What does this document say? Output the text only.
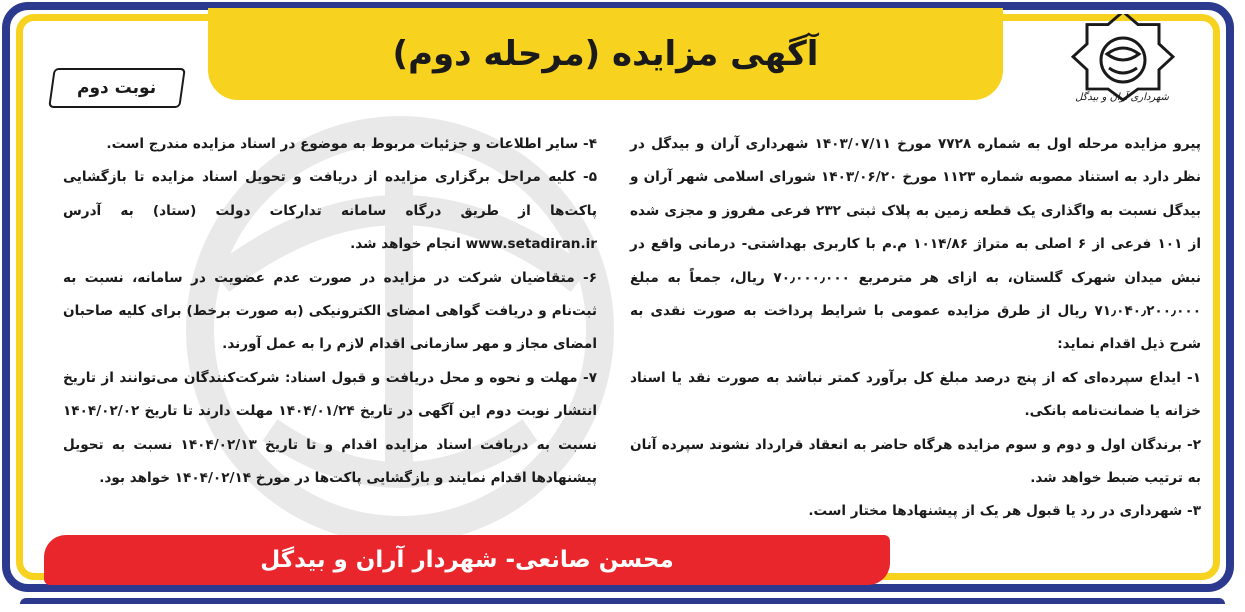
آگهی مزایده (مرحله دوم)
نوبت دوم	شهرداری آران و بیدگل

پیرو مزایده مرحله اول به شماره ۷۷۲۸ مورخ ۱۴۰۳/۰۷/۱۱ شهرداری آران و بیدگل در نظر دارد به استناد مصوبه شماره ۱۱۲۳ مورخ ۱۴۰۳/۰۶/۲۰ شورای اسلامی شهر آران و بیدگل نسبت به واگذاری یک قطعه زمین به پلاک ثبتی ۲۳۲ فرعی مفروز و مجزی شده از ۱۰۱ فرعی از ۶ اصلی به متراژ ۱۰۱۴/۸۶ م.م با کاربری بهداشتی- درمانی واقع در نبش میدان شهرک گلستان، به ازای هر مترمربع ۷۰٫۰۰۰٫۰۰۰ ریال، جمعاً به مبلغ ۷۱٫۰۴۰٫۲۰۰٫۰۰۰ ریال از طرق مزایده عمومی با شرایط پرداخت به صورت نقدی به شرح ذیل اقدام نماید:

۱- ایداع سپرده‌ای که از پنج درصد مبلغ کل برآورد کمتر نباشد به صورت نقد یا اسناد خزانه یا ضمانت‌نامه بانکی.

۲- برندگان اول و دوم و سوم مزایده هرگاه حاضر به انعقاد قرارداد نشوند سپرده آنان به ترتیب ضبط خواهد شد.

۳- شهرداری در رد یا قبول هر یک از پیشنهادها مختار است.

۴- سایر اطلاعات و جزئیات مربوط به موضوع در اسناد مزایده مندرج است.

۵- کلیه مراحل برگزاری مزایده از دریافت و تحویل اسناد مزایده تا بازگشایی پاکت‌ها از طریق درگاه سامانه تدارکات دولت (ستاد) به آدرس www.setadiran.ir انجام خواهد شد.

۶- متقاضیان شرکت در مزایده در صورت عدم عضویت در سامانه، نسبت به ثبت‌نام و دریافت گواهی امضای الکترونیکی (به صورت برخط) برای کلیه صاحبان امضای مجاز و مهر سازمانی اقدام لازم را به عمل آورند.

۷- مهلت و نحوه و محل دریافت و قبول اسناد: شرکت‌کنندگان می‌توانند از تاریخ انتشار نوبت دوم این آگهی در تاریخ ۱۴۰۴/۰۱/۲۴ مهلت دارند تا تاریخ ۱۴۰۴/۰۲/۰۲ نسبت به دریافت اسناد مزایده اقدام و تا تاریخ ۱۴۰۴/۰۲/۱۳ نسبت به تحویل پیشنهادها اقدام نمایند و بازگشایی پاکت‌ها در مورخ ۱۴۰۴/۰۲/۱۴ خواهد بود.

محسن صانعی- شهردار آران و بیدگل
